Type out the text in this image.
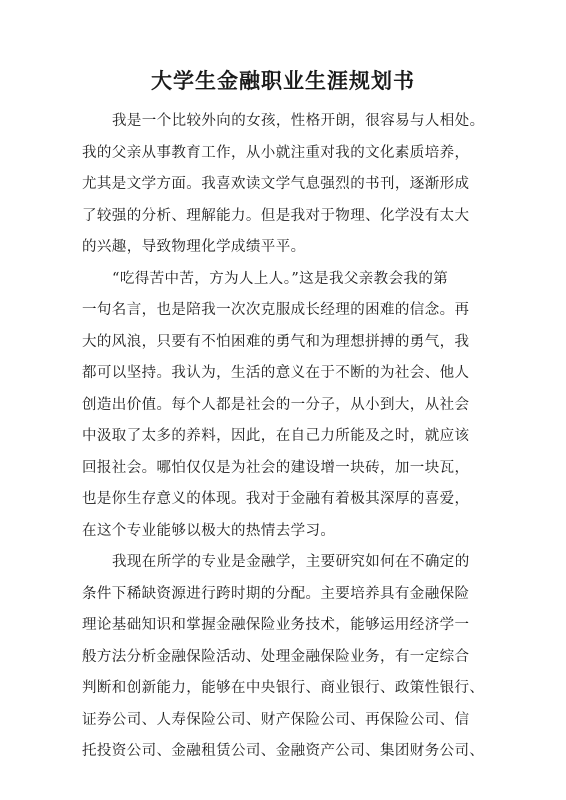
大学生金融职业生涯规划书
我是一个比较外向的女孩，性格开朗，很容易与人相处。
我的父亲从事教育工作，从小就注重对我的文化素质培养，
尤其是文学方面。我喜欢读文学气息强烈的书刊，逐渐形成
了较强的分析、理解能力。但是我对于物理、化学没有太大
的兴趣，导致物理化学成绩平平。
“吃得苦中苦，方为人上人。”这是我父亲教会我的第
一句名言，也是陪我一次次克服成长经理的困难的信念。再
大的风浪，只要有不怕困难的勇气和为理想拼搏的勇气，我
都可以坚持。我认为，生活的意义在于不断的为社会、他人
创造出价值。每个人都是社会的一分子，从小到大，从社会
中汲取了太多的养料，因此，在自己力所能及之时，就应该
回报社会。哪怕仅仅是为社会的建设增一块砖，加一块瓦，
也是你生存意义的体现。我对于金融有着极其深厚的喜爱，
在这个专业能够以极大的热情去学习。
我现在所学的专业是金融学，主要研究如何在不确定的
条件下稀缺资源进行跨时期的分配。主要培养具有金融保险
理论基础知识和掌握金融保险业务技术，能够运用经济学一
般方法分析金融保险活动、处理金融保险业务，有一定综合
判断和创新能力，能够在中央银行、商业银行、政策性银行、
证券公司、人寿保险公司、财产保险公司、再保险公司、信
托投资公司、金融租赁公司、金融资产公司、集团财务公司、
